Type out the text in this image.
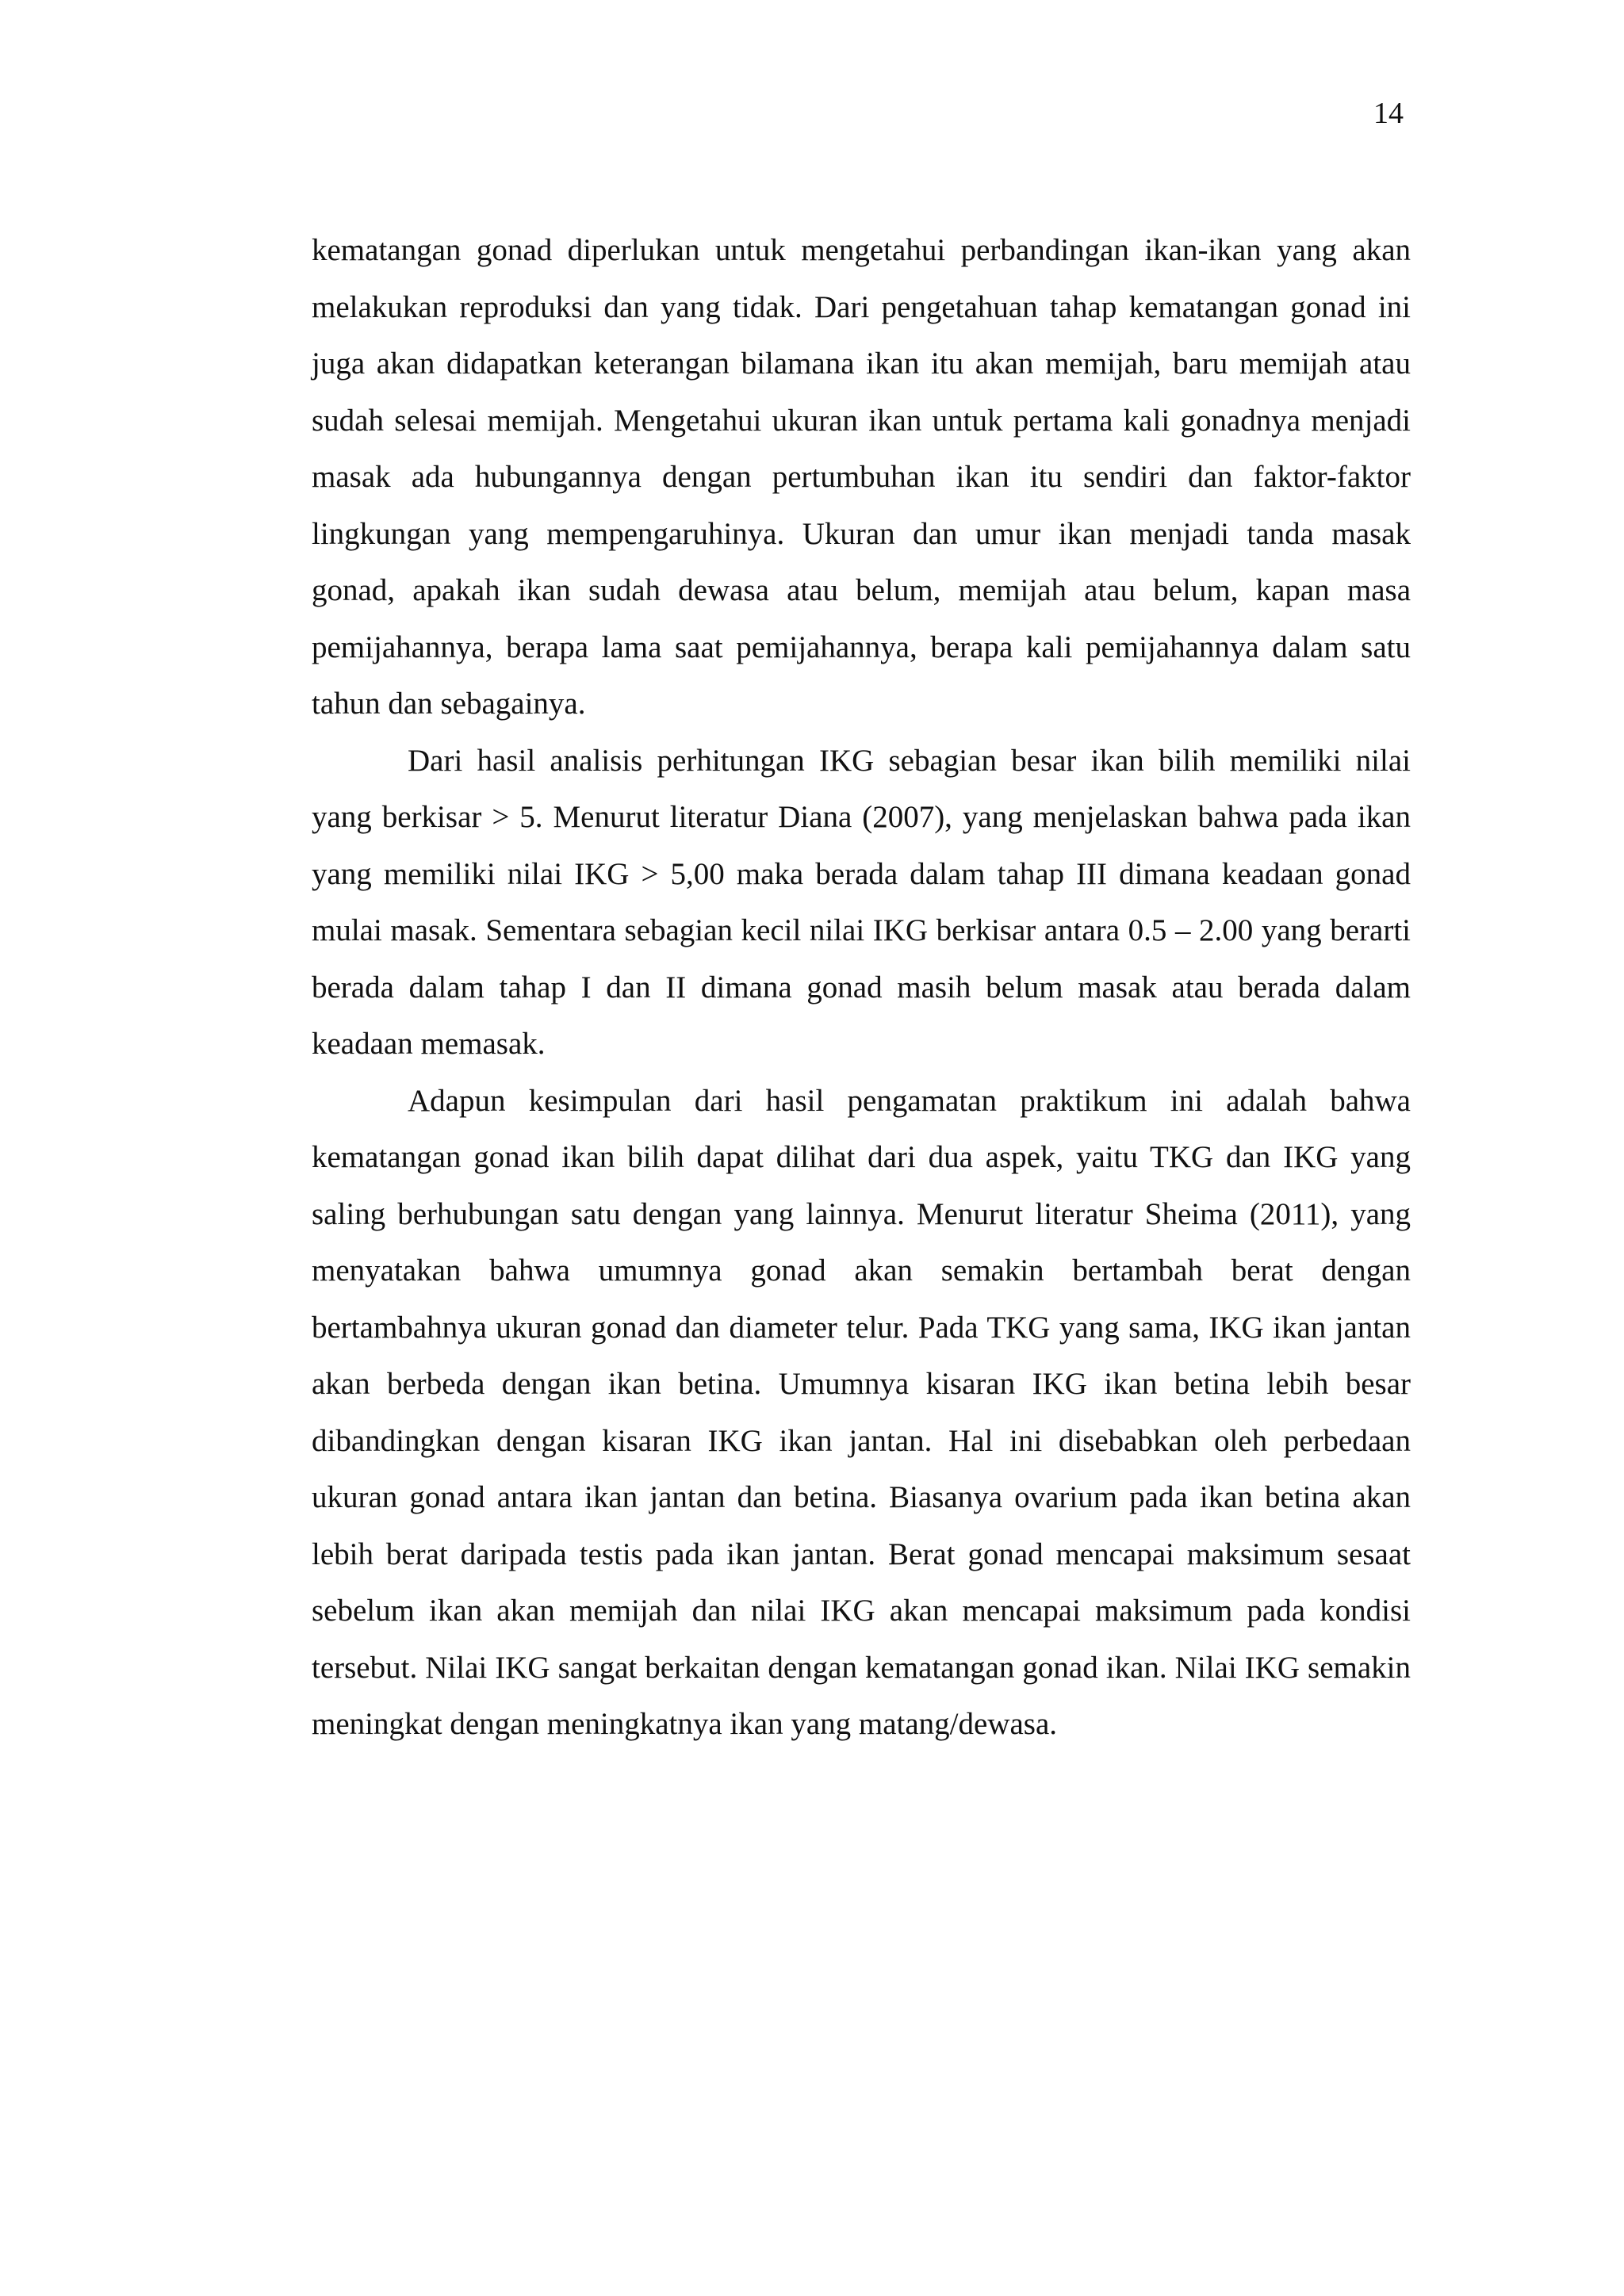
14

kematangan gonad diperlukan untuk mengetahui perbandingan ikan-ikan yang akan melakukan reproduksi dan yang tidak. Dari pengetahuan tahap kematangan gonad ini juga akan didapatkan keterangan bilamana ikan itu akan memijah, baru memijah atau sudah selesai memijah. Mengetahui ukuran ikan untuk pertama kali gonadnya menjadi masak ada hubungannya dengan pertumbuhan ikan itu sendiri dan faktor-faktor lingkungan yang mempengaruhinya. Ukuran dan umur ikan menjadi tanda masak gonad, apakah ikan sudah dewasa atau belum, memijah atau belum, kapan masa pemijahannya, berapa lama saat pemijahannya, berapa kali pemijahannya dalam satu tahun dan sebagainya.

Dari hasil analisis perhitungan IKG sebagian besar ikan bilih memiliki nilai yang berkisar > 5. Menurut literatur Diana (2007), yang menjelaskan bahwa pada ikan yang memiliki nilai IKG > 5,00 maka berada dalam tahap III dimana keadaan gonad mulai masak. Sementara sebagian kecil nilai IKG berkisar antara 0.5 – 2.00 yang berarti berada dalam tahap I dan II dimana gonad masih belum masak atau berada dalam keadaan memasak.

Adapun kesimpulan dari hasil pengamatan praktikum ini adalah bahwa kematangan gonad ikan bilih dapat dilihat dari dua aspek, yaitu TKG dan IKG yang saling berhubungan satu dengan yang lainnya. Menurut literatur Sheima (2011), yang menyatakan bahwa umumnya gonad akan semakin bertambah berat dengan bertambahnya ukuran gonad dan diameter telur. Pada TKG yang sama, IKG ikan jantan akan berbeda dengan ikan betina. Umumnya kisaran IKG ikan betina lebih besar dibandingkan dengan kisaran IKG ikan jantan. Hal ini disebabkan oleh perbedaan ukuran gonad antara ikan jantan dan betina. Biasanya ovarium pada ikan betina akan lebih berat daripada testis pada ikan jantan. Berat gonad mencapai maksimum sesaat sebelum ikan akan memijah dan nilai IKG akan mencapai maksimum pada kondisi tersebut. Nilai IKG sangat berkaitan dengan kematangan gonad ikan. Nilai IKG semakin meningkat dengan meningkatnya ikan yang matang/dewasa.
